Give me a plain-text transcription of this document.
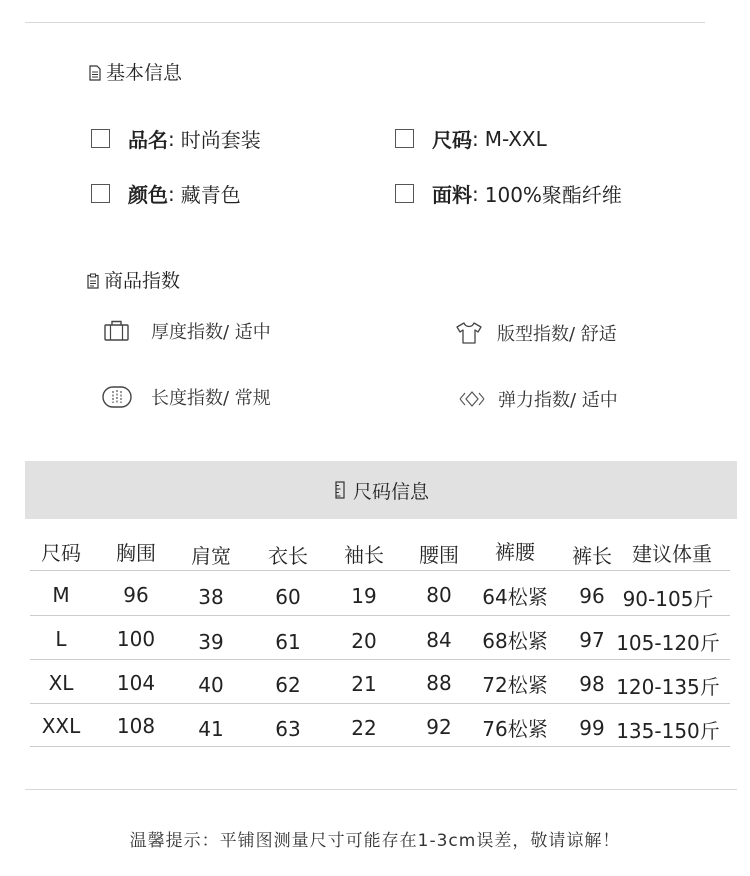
基本信息
品名 : 时尚套装	尺码 : M-XXL
颜色 : 藏青色	面料 : 100%聚酯纤维
商品指数
厚度指数/ 适中	版型指数/ 舒适
长度指数/ 常规	弹力指数/ 适中
尺码信息
尺码	胸围	肩宽	衣长	袖长	腰围	裤腰	裤长	建议体重
M	96	38	60	19	80	64松紧	96 90-105斤
L	100	39	61	20	84	68松紧	97 105-120斤
XL	104	40	62	21	88	72松紧	98 120-135斤
XXL	108	41	63	22	92	76松紧	99 135-150斤
温馨提示：平铺图测量尺寸可能存在1-3cm误差，敬请谅解！
